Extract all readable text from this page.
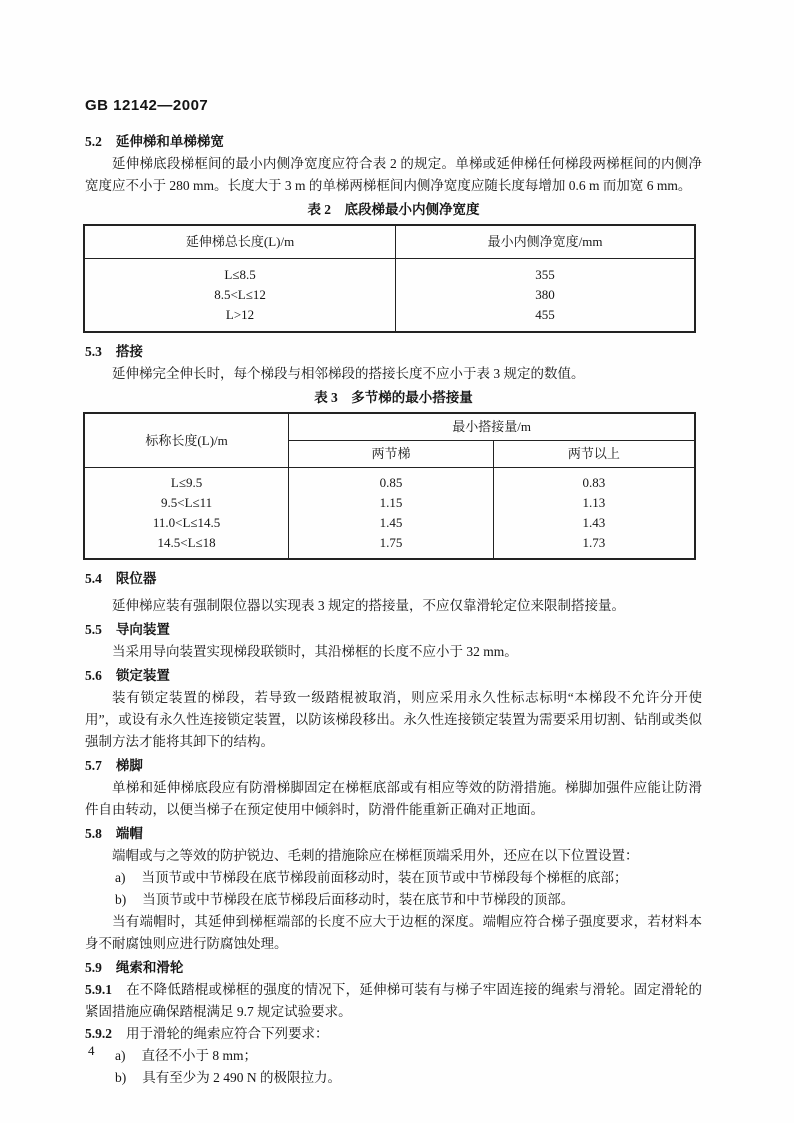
GB 12142—2007
5.2 延伸梯和单梯梯宽

延伸梯底段梯框间的最小内侧净宽度应符合表 2 的规定。单梯或延伸梯任何梯段两梯框间的内侧净宽度应不小于 280 mm。长度大于 3 m 的单梯两梯框间内侧净宽度应随长度每增加 0.6 m 而加宽 6 mm。

表 2　底段梯最小内侧净宽度
延伸梯总长度(L)/m	最小内侧净宽度/mm
L≤8.5	355
8.5<L≤12	380
L>12	455
5.3 搭接

延伸梯完全伸长时，每个梯段与相邻梯段的搭接长度不应小于表 3 规定的数值。

表 3　多节梯的最小搭接量
标称长度(L)/m	最小搭接量/m	
	两节梯	两节以上
L≤9.5	0.85	0.83
9.5<L≤11	1.15	1.13
11.0<L≤14.5	1.45	1.43
14.5<L≤18	1.75	1.73
5.4 限位器

延伸梯应装有强制限位器以实现表 3 规定的搭接量，不应仅靠滑轮定位来限制搭接量。

5.5 导向装置

当采用导向装置实现梯段联锁时，其沿梯框的长度不应小于 32 mm。

5.6 锁定装置

装有锁定装置的梯段，若导致一级踏棍被取消，则应采用永久性标志标明“本梯段不允许分开使用”，或设有永久性连接锁定装置，以防该梯段移出。永久性连接锁定装置为需要采用切割、钻削或类似强制方法才能将其卸下的结构。

5.7 梯脚

单梯和延伸梯底段应有防滑梯脚固定在梯框底部或有相应等效的防滑措施。梯脚加强件应能让防滑件自由转动，以便当梯子在预定使用中倾斜时，防滑件能重新正确对正地面。

5.8 端帽

端帽或与之等效的防护锐边、毛刺的措施除应在梯框顶端采用外，还应在以下位置设置：

a) 当顶节或中节梯段在底节梯段前面移动时，装在顶节或中节梯段每个梯框的底部；

b) 当顶节或中节梯段在底节梯段后面移动时，装在底节和中节梯段的顶部。

当有端帽时，其延伸到梯框端部的长度不应大于边框的深度。端帽应符合梯子强度要求，若材料本身不耐腐蚀则应进行防腐蚀处理。

5.9 绳索和滑轮

5.9.1 在不降低踏棍或梯框的强度的情况下，延伸梯可装有与梯子牢固连接的绳索与滑轮。固定滑轮的紧固措施应确保踏棍满足 9.7 规定试验要求。

5.9.2 用于滑轮的绳索应符合下列要求：

a) 直径不小于 8 mm；

b) 具有至少为 2 490 N 的极限拉力。

4
